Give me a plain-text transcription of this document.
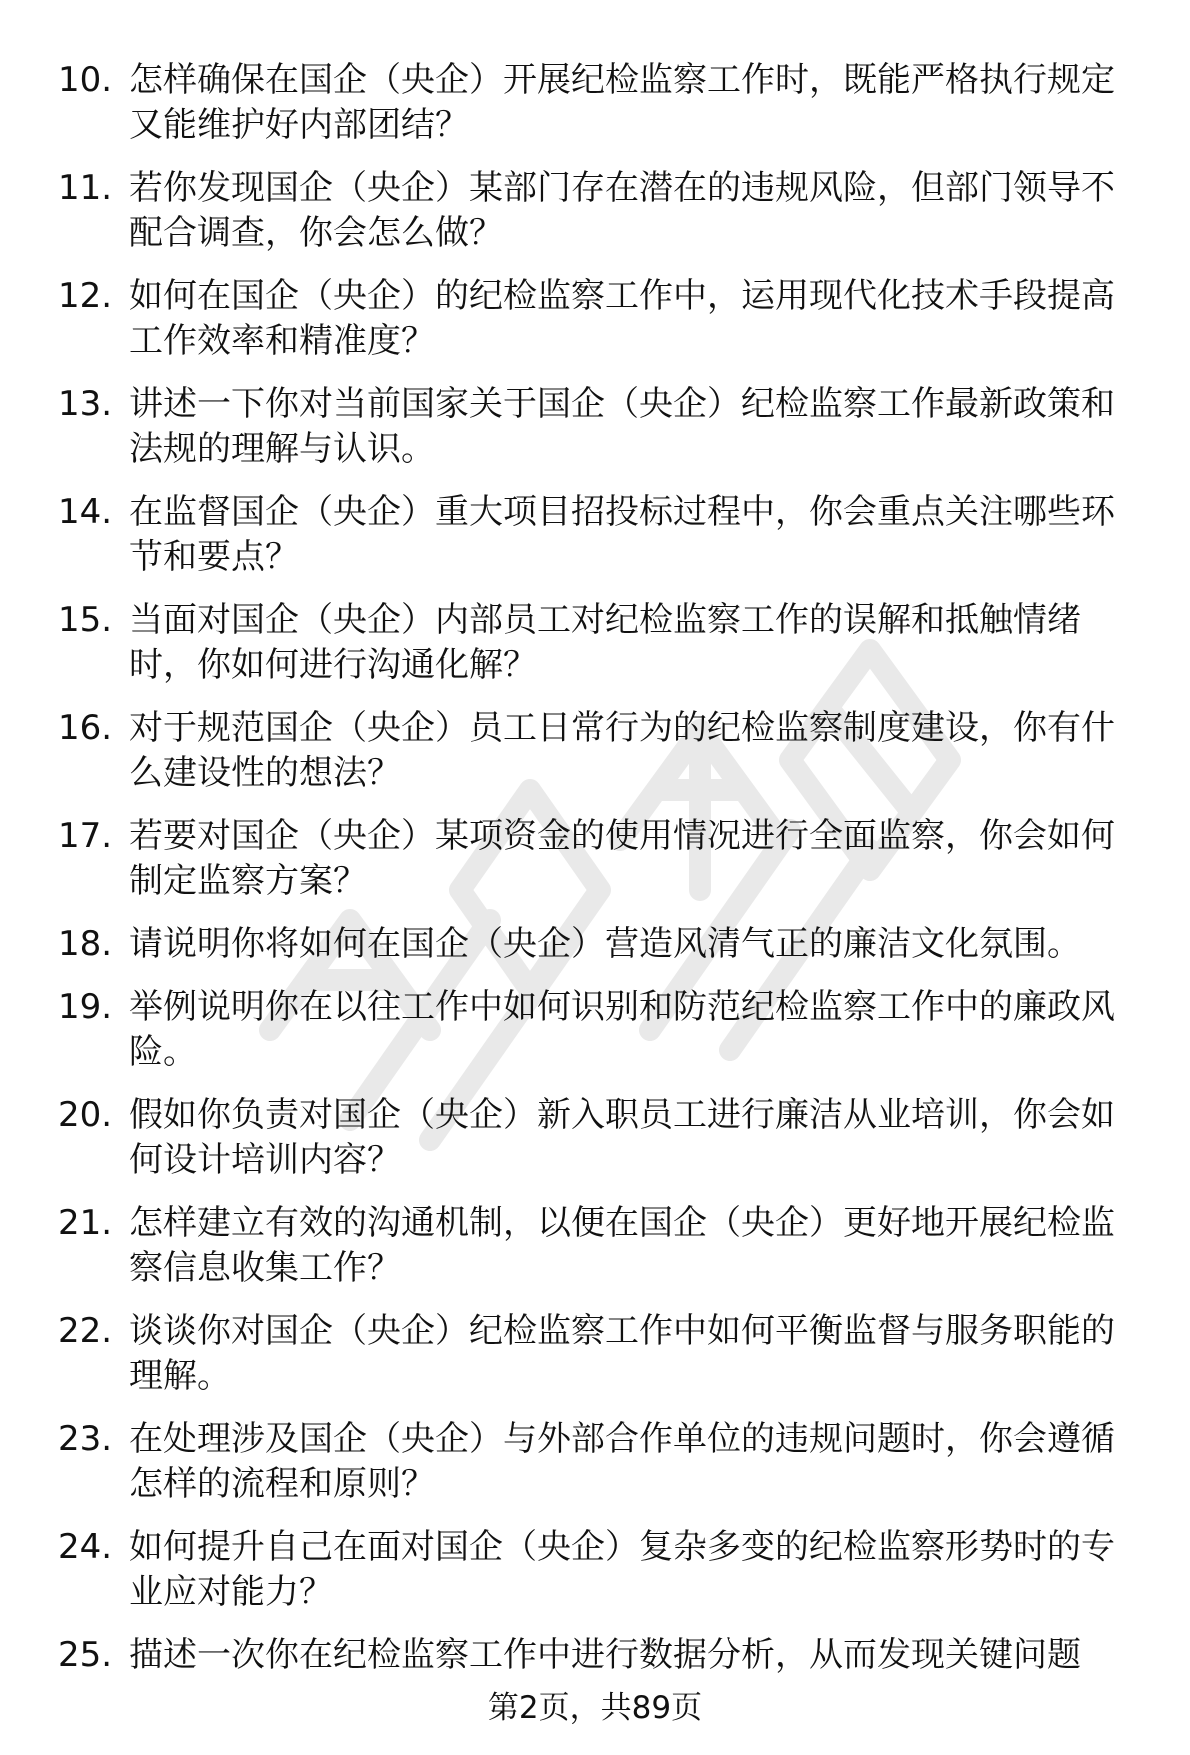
10. 怎样确保在国企（央企）开展纪检监察工作时，既能严格执行规定又能维护好内部团结？
11. 若你发现国企（央企）某部门存在潜在的违规风险，但部门领导不配合调查，你会怎么做？
12. 如何在国企（央企）的纪检监察工作中，运用现代化技术手段提高工作效率和精准度？
13. 讲述一下你对当前国家关于国企（央企）纪检监察工作最新政策和法规的理解与认识。
14. 在监督国企（央企）重大项目招投标过程中，你会重点关注哪些环节和要点？
15. 当面对国企（央企）内部员工对纪检监察工作的误解和抵触情绪时，你如何进行沟通化解？
16. 对于规范国企（央企）员工日常行为的纪检监察制度建设，你有什么建设性的想法？
17. 若要对国企（央企）某项资金的使用情况进行全面监察，你会如何制定监察方案？
18. 请说明你将如何在国企（央企）营造风清气正的廉洁文化氛围。
19. 举例说明你在以往工作中如何识别和防范纪检监察工作中的廉政风险。
20. 假如你负责对国企（央企）新入职员工进行廉洁从业培训，你会如何设计培训内容？
21. 怎样建立有效的沟通机制，以便在国企（央企）更好地开展纪检监察信息收集工作？
22. 谈谈你对国企（央企）纪检监察工作中如何平衡监督与服务职能的理解。
23. 在处理涉及国企（央企）与外部合作单位的违规问题时，你会遵循怎样的流程和原则？
24. 如何提升自己在面对国企（央企）复杂多变的纪检监察形势时的专业应对能力？
25. 描述一次你在纪检监察工作中进行数据分析，从而发现关键问题
第2页，共89页
